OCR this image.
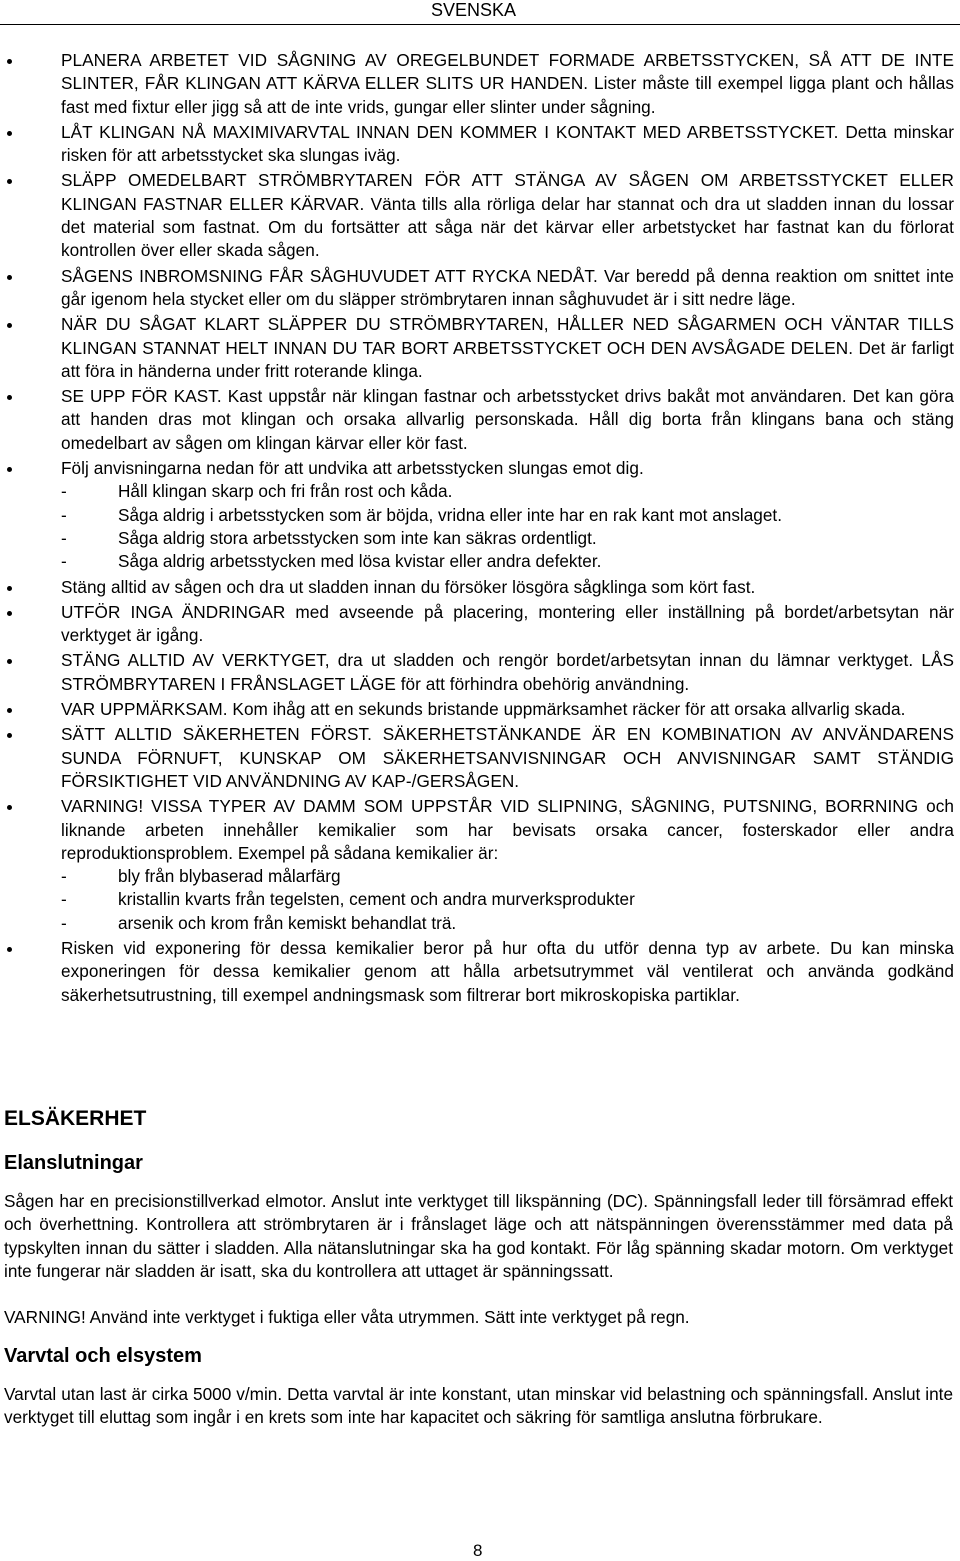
SVENSKA
PLANERA ARBETET VID SÅGNING AV OREGELBUNDET FORMADE ARBETSSTYCKEN, SÅ ATT DE INTE SLINTER, FÅR KLINGAN ATT KÄRVA ELLER SLITS UR HANDEN. Lister måste till exempel ligga plant och hållas fast med fixtur eller jigg så att de inte vrids, gungar eller slinter under sågning.
LÅT KLINGAN NÅ MAXIMIVARVTAL INNAN DEN KOMMER I KONTAKT MED ARBETSSTYCKET. Detta minskar risken för att arbetsstycket ska slungas iväg.
SLÄPP OMEDELBART STRÖMBRYTAREN FÖR ATT STÄNGA AV SÅGEN OM ARBETSSTYCKET ELLER KLINGAN FASTNAR ELLER KÄRVAR. Vänta tills alla rörliga delar har stannat och dra ut sladden innan du lossar det material som fastnat. Om du fortsätter att såga när det kärvar eller arbetstycket har fastnat kan du förlorat kontrollen över eller skada sågen.
SÅGENS INBROMSNING FÅR SÅGHUVUDET ATT RYCKA NEDÅT. Var beredd på denna reaktion om snittet inte går igenom hela stycket eller om du släpper strömbrytaren innan såghuvudet är i sitt nedre läge.
NÄR DU SÅGAT KLART SLÄPPER DU STRÖMBRYTAREN, HÅLLER NED SÅGARMEN OCH VÄNTAR TILLS KLINGAN STANNAT HELT INNAN DU TAR BORT ARBETSSTYCKET OCH DEN AVSÅGADE DELEN. Det är farligt att föra in händerna under fritt roterande klinga.
SE UPP FÖR KAST. Kast uppstår när klingan fastnar och arbetsstycket drivs bakåt mot användaren. Det kan göra att handen dras mot klingan och orsaka allvarlig personskada. Håll dig borta från klingans bana och stäng omedelbart av sågen om klingan kärvar eller kör fast.
Följ anvisningarna nedan för att undvika att arbetsstycken slungas emot dig.
-	Håll klingan skarp och fri från rost och kåda.
-	Såga aldrig i arbetsstycken som är böjda, vridna eller inte har en rak kant mot anslaget.
-	Såga aldrig stora arbetsstycken som inte kan säkras ordentligt.
-	Såga aldrig arbetsstycken med lösa kvistar eller andra defekter.
Stäng alltid av sågen och dra ut sladden innan du försöker lösgöra sågklinga som kört fast.
UTFÖR INGA ÄNDRINGAR med avseende på placering, montering eller inställning på bordet/arbetsytan när verktyget är igång.
STÄNG ALLTID AV VERKTYGET, dra ut sladden och rengör bordet/arbetsytan innan du lämnar verktyget. LÅS STRÖMBRYTAREN I FRÅNSLAGET LÄGE för att förhindra obehörig användning.
VAR UPPMÄRKSAM. Kom ihåg att en sekunds bristande uppmärksamhet räcker för att orsaka allvarlig skada.
SÄTT ALLTID SÄKERHETEN FÖRST. SÄKERHETSTÄNKANDE ÄR EN KOMBINATION AV ANVÄNDARENS SUNDA FÖRNUFT, KUNSKAP OM SÄKERHETSANVISNINGAR OCH ANVISNINGAR SAMT STÄNDIG FÖRSIKTIGHET VID ANVÄNDNING AV KAP-/GERSÅGEN.
VARNING! VISSA TYPER AV DAMM SOM UPPSTÅR VID SLIPNING, SÅGNING, PUTSNING, BORRNING och liknande arbeten innehåller kemikalier som har bevisats orsaka cancer, fosterskador eller andra reproduktionsproblem. Exempel på sådana kemikalier är:
-	bly från blybaserad målarfärg
-	kristallin kvarts från tegelsten, cement och andra murverksprodukter
-	arsenik och krom från kemiskt behandlat trä.
Risken vid exponering för dessa kemikalier beror på hur ofta du utför denna typ av arbete. Du kan minska exponeringen för dessa kemikalier genom att hålla arbetsutrymmet väl ventilerat och använda godkänd säkerhetsutrustning, till exempel andningsmask som filtrerar bort mikroskopiska partiklar.
ELSÄKERHET
Elanslutningar
Sågen har en precisionstillverkad elmotor. Anslut inte verktyget till likspänning (DC). Spänningsfall leder till försämrad effekt och överhettning. Kontrollera att strömbrytaren är i frånslaget läge och att nätspänningen överensstämmer med data på typskylten innan du sätter i sladden. Alla nätanslutningar ska ha god kontakt. För låg spänning skadar motorn. Om verktyget inte fungerar när sladden är isatt, ska du kontrollera att uttaget är spänningssatt.
VARNING! Använd inte verktyget i fuktiga eller våta utrymmen. Sätt inte verktyget på regn.
Varvtal och elsystem
Varvtal utan last är cirka 5000 v/min. Detta varvtal är inte konstant, utan minskar vid belastning och spänningsfall. Anslut inte verktyget till eluttag som ingår i en krets som inte har kapacitet och säkring för samtliga anslutna förbrukare.
8
